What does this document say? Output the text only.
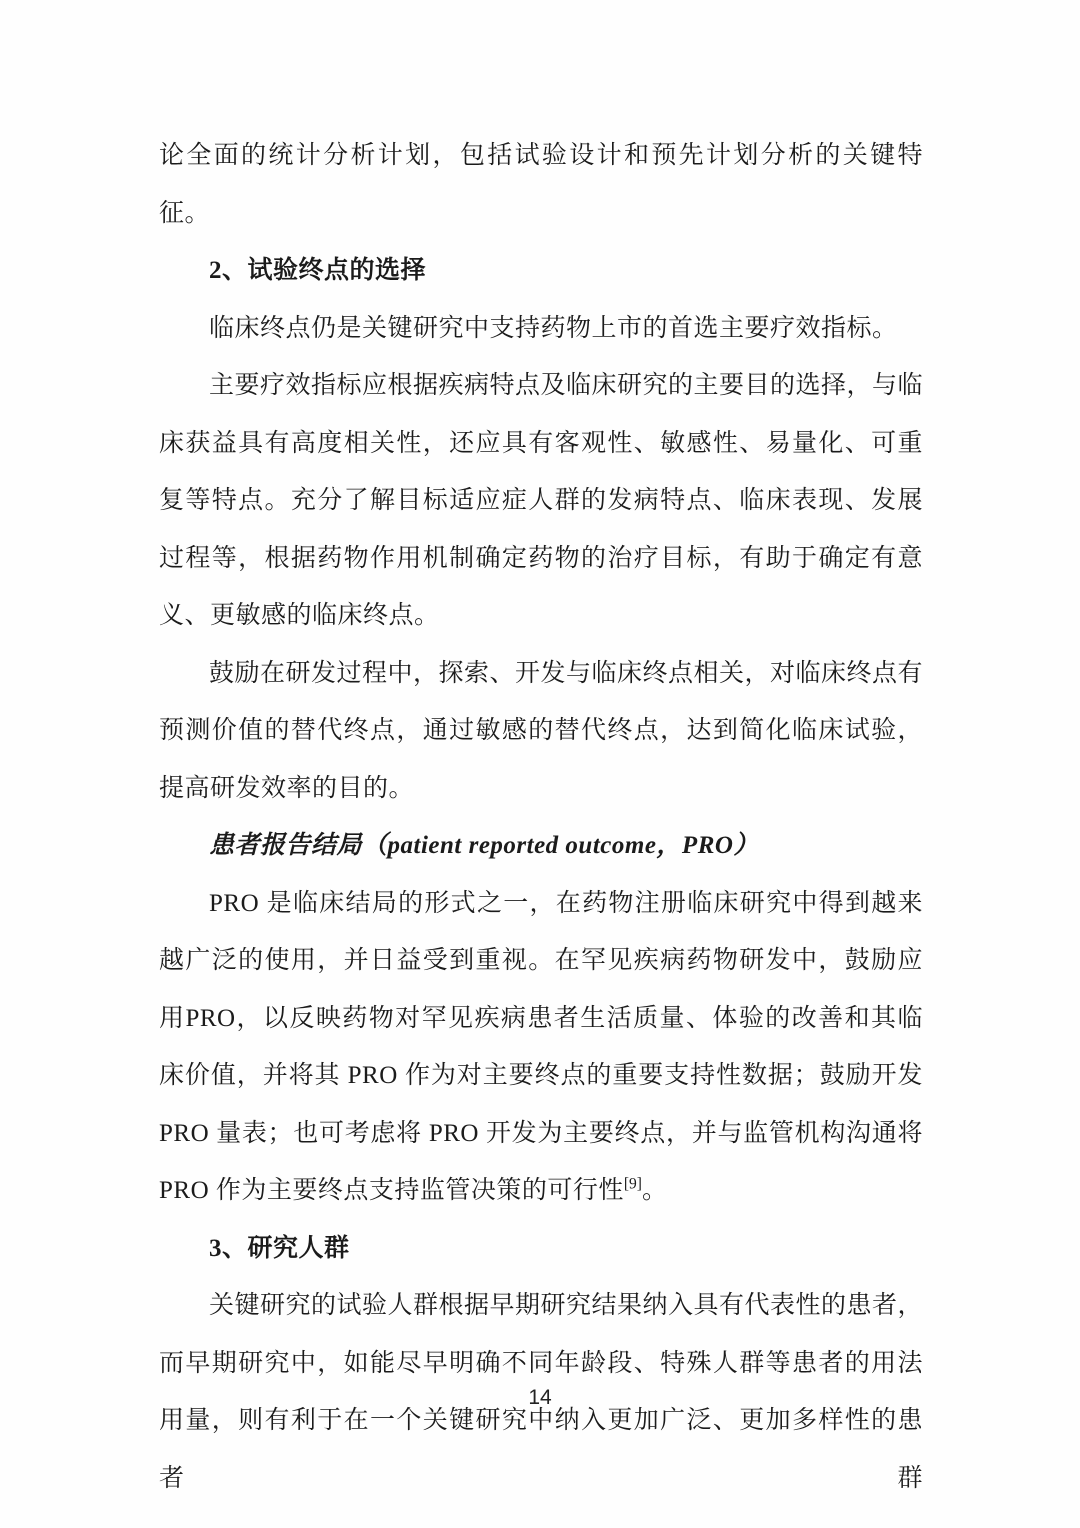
论全面的统计分析计划，包括试验设计和预先计划分析的关键特征。

2、试验终点的选择

临床终点仍是关键研究中支持药物上市的首选主要疗效指标。

主要疗效指标应根据疾病特点及临床研究的主要目的选择，与临床获益具有高度相关性，还应具有客观性、敏感性、易量化、可重复等特点。充分了解目标适应症人群的发病特点、临床表现、发展过程等，根据药物作用机制确定药物的治疗目标，有助于确定有意义、更敏感的临床终点。

鼓励在研发过程中，探索、开发与临床终点相关，对临床终点有预测价值的替代终点，通过敏感的替代终点，达到简化临床试验，提高研发效率的目的。

患者报告结局（patient reported outcome，PRO）

PRO 是临床结局的形式之一，在药物注册临床研究中得到越来越广泛的使用，并日益受到重视。在罕见疾病药物研发中，鼓励应用PRO，以反映药物对罕见疾病患者生活质量、体验的改善和其临床价值，并将其 PRO 作为对主要终点的重要支持性数据；鼓励开发 PRO 量表；也可考虑将 PRO 开发为主要终点，并与监管机构沟通将 PRO 作为主要终点支持监管决策的可行性[9]。

3、研究人群

关键研究的试验人群根据早期研究结果纳入具有代表性的患者，而早期研究中，如能尽早明确不同年龄段、特殊人群等患者的用法用量，则有利于在一个关键研究中纳入更加广泛、更加多样性的患者群

14
